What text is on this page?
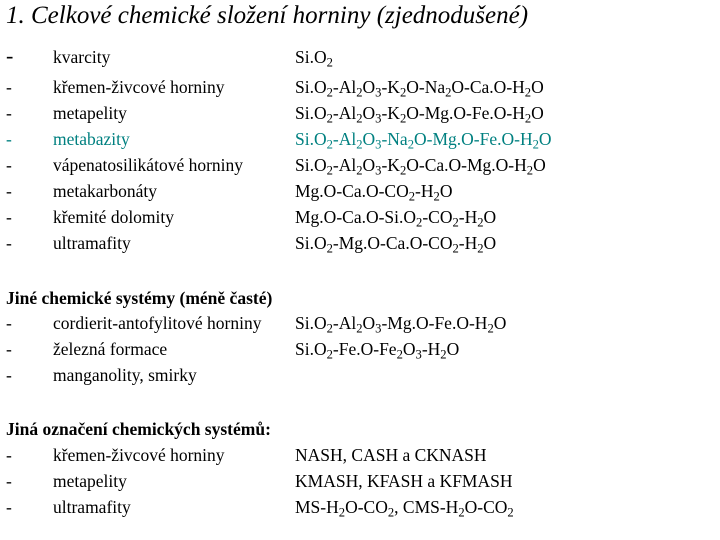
1. Celkové chemické složení horniny (zjednodušené)
- kvarcity	$Si.O_2$
- křemen-živcové horniny	$Si.O_2-Al_2O_3-K_2O-Na_2O-Ca.O-H_2O$
- metapelity	$Si.O_2-Al_2O_3-K_2O-Mg.O-Fe.O-H_2O$
- metabazity	$Si.O_2-Al_2O_3-Na_2O-Mg.O-Fe.O-H_2O$
- vápenatosilikátové horniny	$Si.O_2-Al_2O_3-K_2O-Ca.O-Mg.O-H_2O$
- metakarbonáty	$Mg.O-Ca.O-CO_2-H_2O$
- křemité dolomity	$Mg.O-Ca.O-Si.O_2-CO_2-H_2O$
- ultramafity	$Si.O_2-Mg.O-Ca.O-CO_2-H_2O$
Jiné chemické systémy (méně časté)
- cordierit-antofylitové horniny $Si.O_2-Al_2O_3-Mg.O-Fe.O-H_2O$
- železná formace	$Si.O_2-Fe.O-Fe_2O_3-H_2O$
- manganolity, smirky
Jiná označení chemických systémů:
- křemen-živcové horniny	NASH, CASH a CKNASH
- metapelity	KMASH, KFASH a KFMASH
- ultramafity	$MS-H_2O-CO_2$, CMS-$H_2O-CO_2$
